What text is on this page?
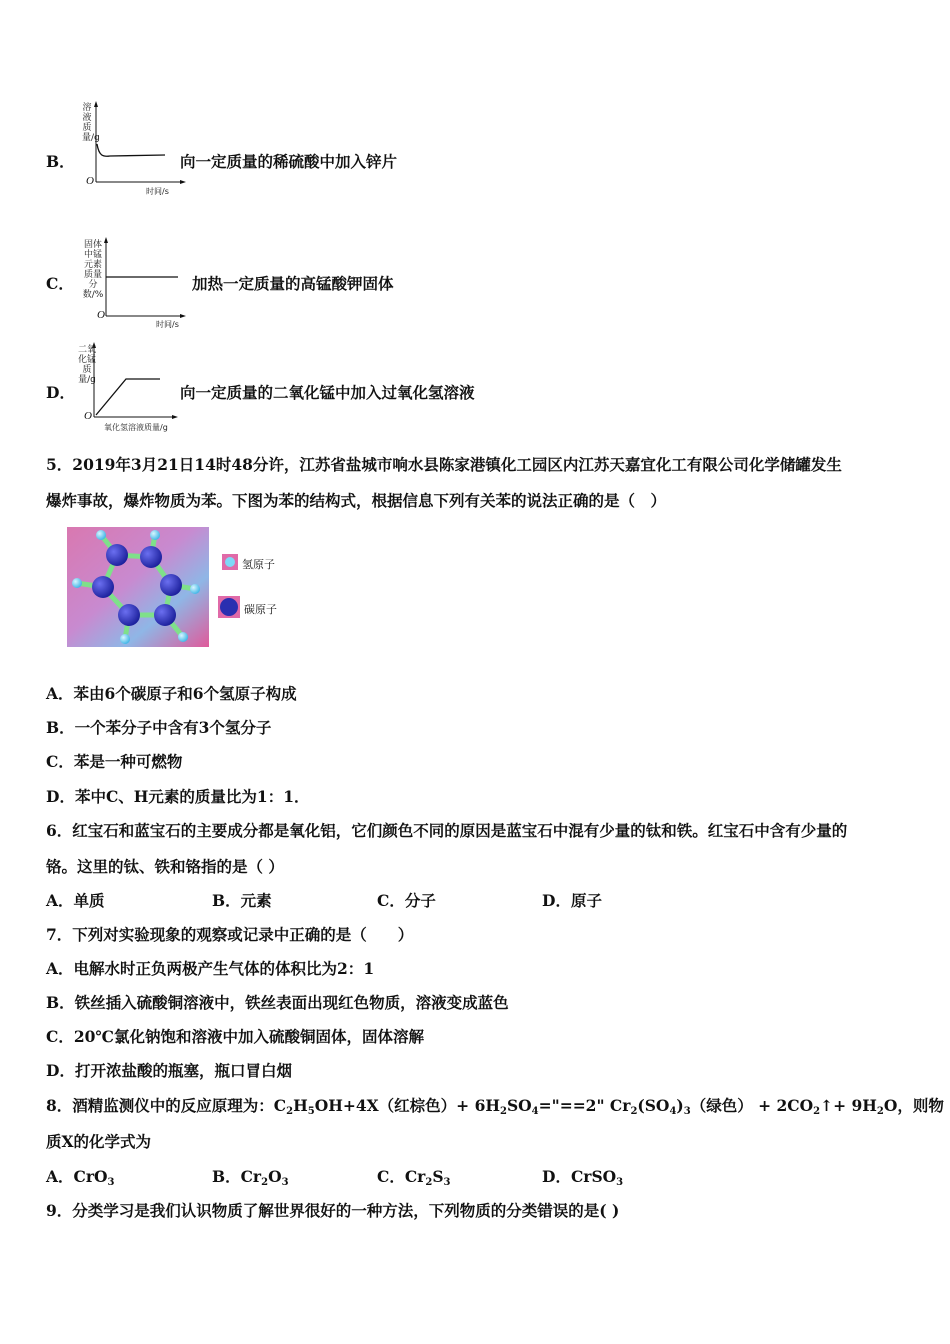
B．
溶液质量/g
O
时间/s
向一定质量的稀硫酸中加入锌片
C．
固体中锰元素质量分数/%
O
时间/s
加热一定质量的高锰酸钾固体
D．
二氧化锰质量/g
O
氧化氢溶液质量/g
向一定质量的二氧化锰中加入过氧化氢溶液
5．2019年3月21日14时48分许，江苏省盐城市响水县陈家港镇化工园区内江苏天嘉宜化工有限公司化学储罐发生
爆炸事故，爆炸物质为苯。下图为苯的结构式，根据信息下列有关苯的说法正确的是（　）
氢原子
碳原子
A．苯由6个碳原子和6个氢原子构成
B．一个苯分子中含有3个氢分子
C．苯是一种可燃物
D．苯中C、H元素的质量比为1：1．
6．红宝石和蓝宝石的主要成分都是氧化铝，它们颜色不同的原因是蓝宝石中混有少量的钛和铁。红宝石中含有少量的
铬。这里的钛、铁和铬指的是（ ）
A．单质	B．元素	C．分子	D．原子
7．下列对实验现象的观察或记录中正确的是（　　）
A．电解水时正负两极产生气体的体积比为2：1
B．铁丝插入硫酸铜溶液中，铁丝表面出现红色物质，溶液变成蓝色
C．20℃氯化钠饱和溶液中加入硫酸铜固体，固体溶解
D．打开浓盐酸的瓶塞，瓶口冒白烟
8．酒精监测仪中的反应原理为：$C_2H_5OH+4X$（红棕色）+ $6H_2SO_4="==2$" $Cr_2(SO_4)_3$（绿色） + $2CO_2↑+ 9H_2O$，则物
质X的化学式为
A．CrO$_3$	B．$Cr_2O_3$	C．$Cr_2S_3$	D．CrSO$_3$
9．分类学习是我们认识物质了解世界很好的一种方法，下列物质的分类错误的是( )
